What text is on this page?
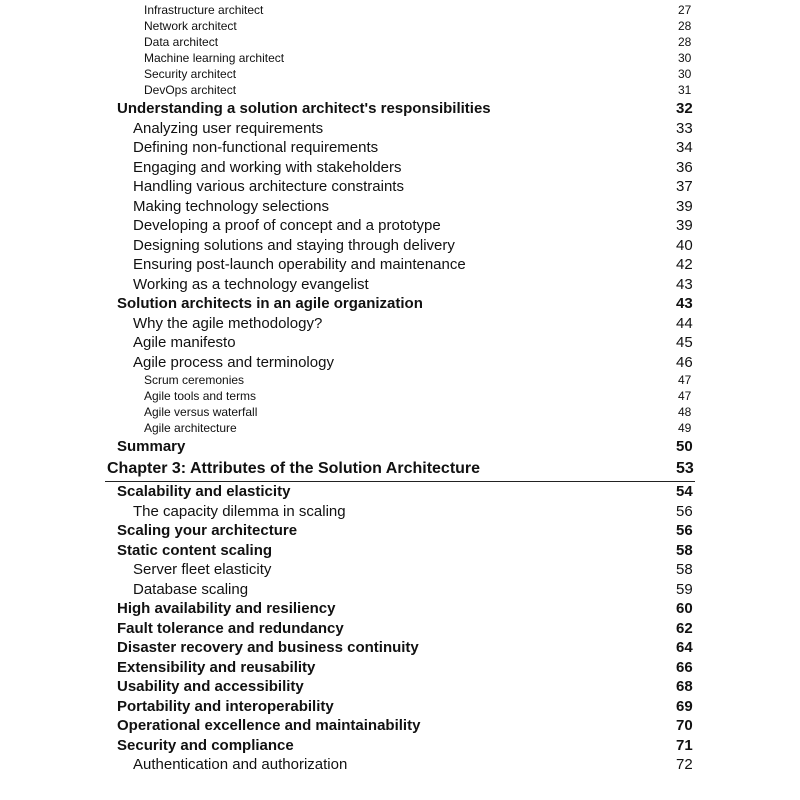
Infrastructure architect	27
Network architect	28
Data architect	28
Machine learning architect	30
Security architect	30
DevOps architect	31
Understanding a solution architect's responsibilities	32
Analyzing user requirements	33
Defining non-functional requirements	34
Engaging and working with stakeholders	36
Handling various architecture constraints	37
Making technology selections	39
Developing a proof of concept and a prototype	39
Designing solutions and staying through delivery	40
Ensuring post-launch operability and maintenance	42
Working as a technology evangelist	43
Solution architects in an agile organization	43
Why the agile methodology?	44
Agile manifesto	45
Agile process and terminology	46
Scrum ceremonies	47
Agile tools and terms	47
Agile versus waterfall	48
Agile architecture	49
Summary	50
Chapter 3: Attributes of the Solution Architecture	53
Scalability and elasticity	54
The capacity dilemma in scaling	56
Scaling your architecture	56
Static content scaling	58
Server fleet elasticity	58
Database scaling	59
High availability and resiliency	60
Fault tolerance and redundancy	62
Disaster recovery and business continuity	64
Extensibility and reusability	66
Usability and accessibility	68
Portability and interoperability	69
Operational excellence and maintainability	70
Security and compliance	71
Authentication and authorization	72
